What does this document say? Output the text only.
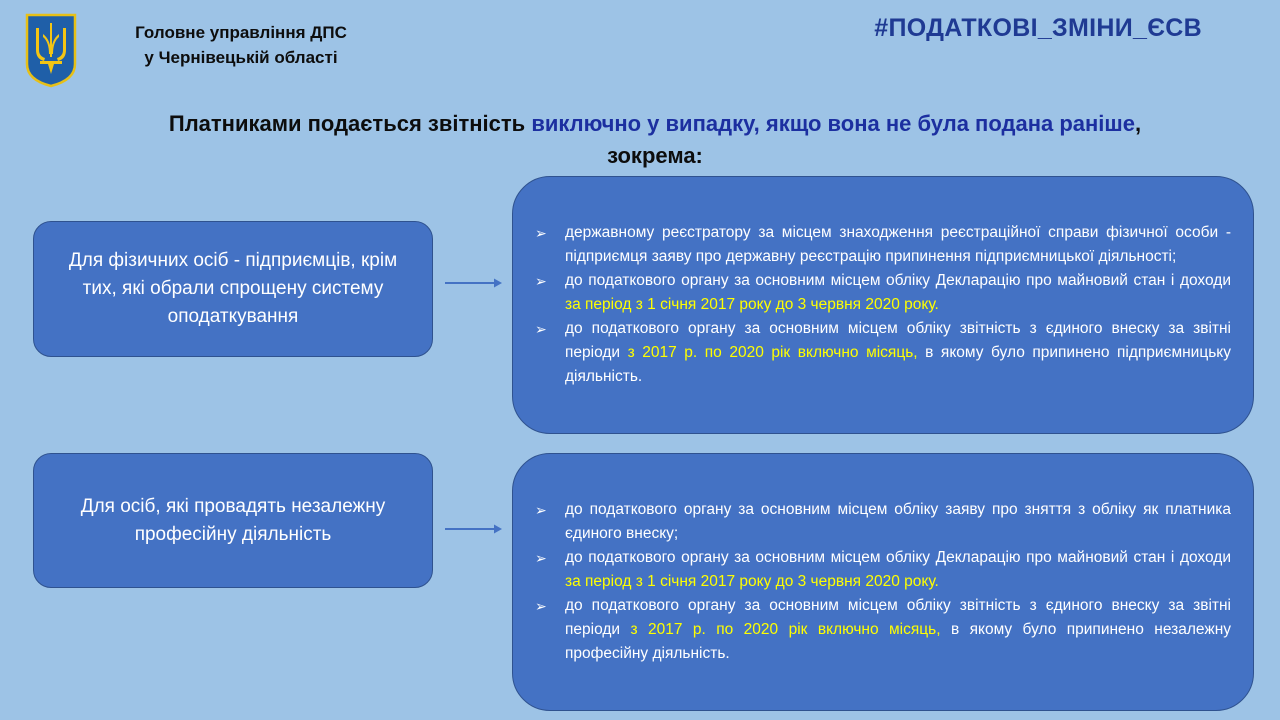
Головне управління ДПС
у Чернівецькій області
#ПОДАТКОВІ_ЗМІНИ_ЄСВ
Платниками подається звітність виключно у випадку, якщо вона не була подана раніше, зокрема:
Для фізичних осіб - підприємців, крім тих, які обрали спрощену систему оподаткування
➢ державному реєстратору за місцем знаходження реєстраційної справи фізичної особи - підприємця заяву про державну реєстрацію припинення підприємницької діяльності;
➢ до податкового органу за основним місцем обліку Декларацію про майновий стан і доходи за період з 1 січня 2017 року до 3 червня 2020 року.
➢ до податкового органу за основним місцем обліку звітність з єдиного внеску за звітні періоди з 2017 р. по 2020 рік включно місяць, в якому було припинено підприємницьку діяльність.
Для осіб, які провадять незалежну професійну діяльність
➢ до податкового органу за основним місцем обліку заяву про зняття з обліку як платника єдиного внеску;
➢ до податкового органу за основним місцем обліку Декларацію про майновий стан і доходи за період з 1 січня 2017 року до 3 червня 2020 року.
➢ до податкового органу за основним місцем обліку звітність з єдиного внеску за звітні періоди з 2017 р. по 2020 рік включно місяць, в якому було припинено незалежну професійну діяльність.
